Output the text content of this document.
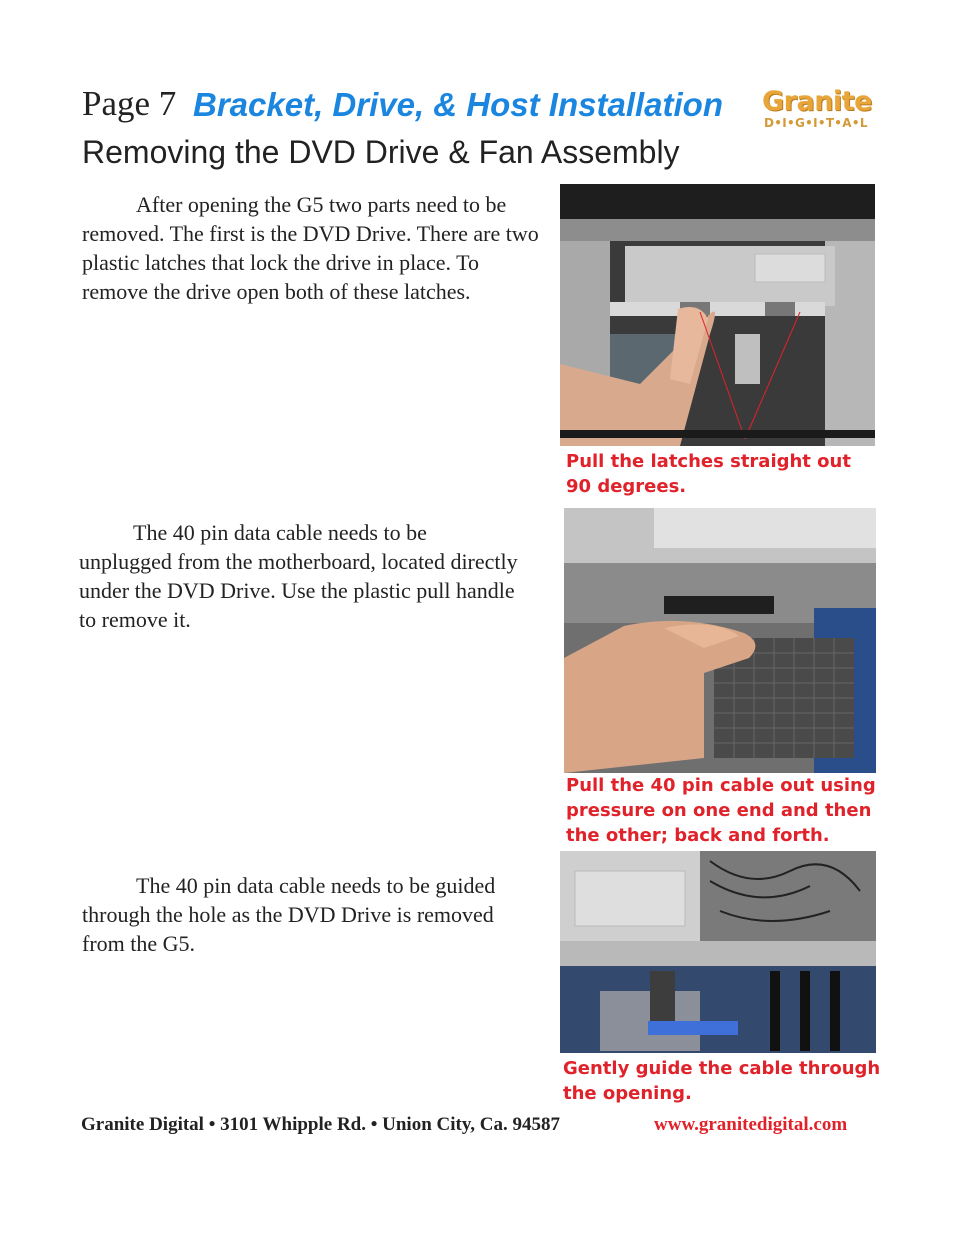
Page 7 Bracket, Drive, & Host Installation
Removing the DVD Drive & Fan Assembly
Granite
D•I•G•I•T•A•L

After opening the G5 two parts need to be removed. The first is the DVD Drive. There are two plastic latches that lock the drive in place. To remove the drive open both of these latches.

Pull the latches straight out 90 degrees.

The 40 pin data cable needs to be unplugged from the motherboard, located directly under the DVD Drive. Use the plastic pull handle to remove it.

Pull the 40 pin cable out using pressure on one end and then the other; back and forth.

The 40 pin data cable needs to be guided through the hole as the DVD Drive is removed from the G5.

Gently guide the cable through the opening.
Granite Digital • 3101 Whipple Rd. • Union City, Ca. 94587	www.granitedigital.com
